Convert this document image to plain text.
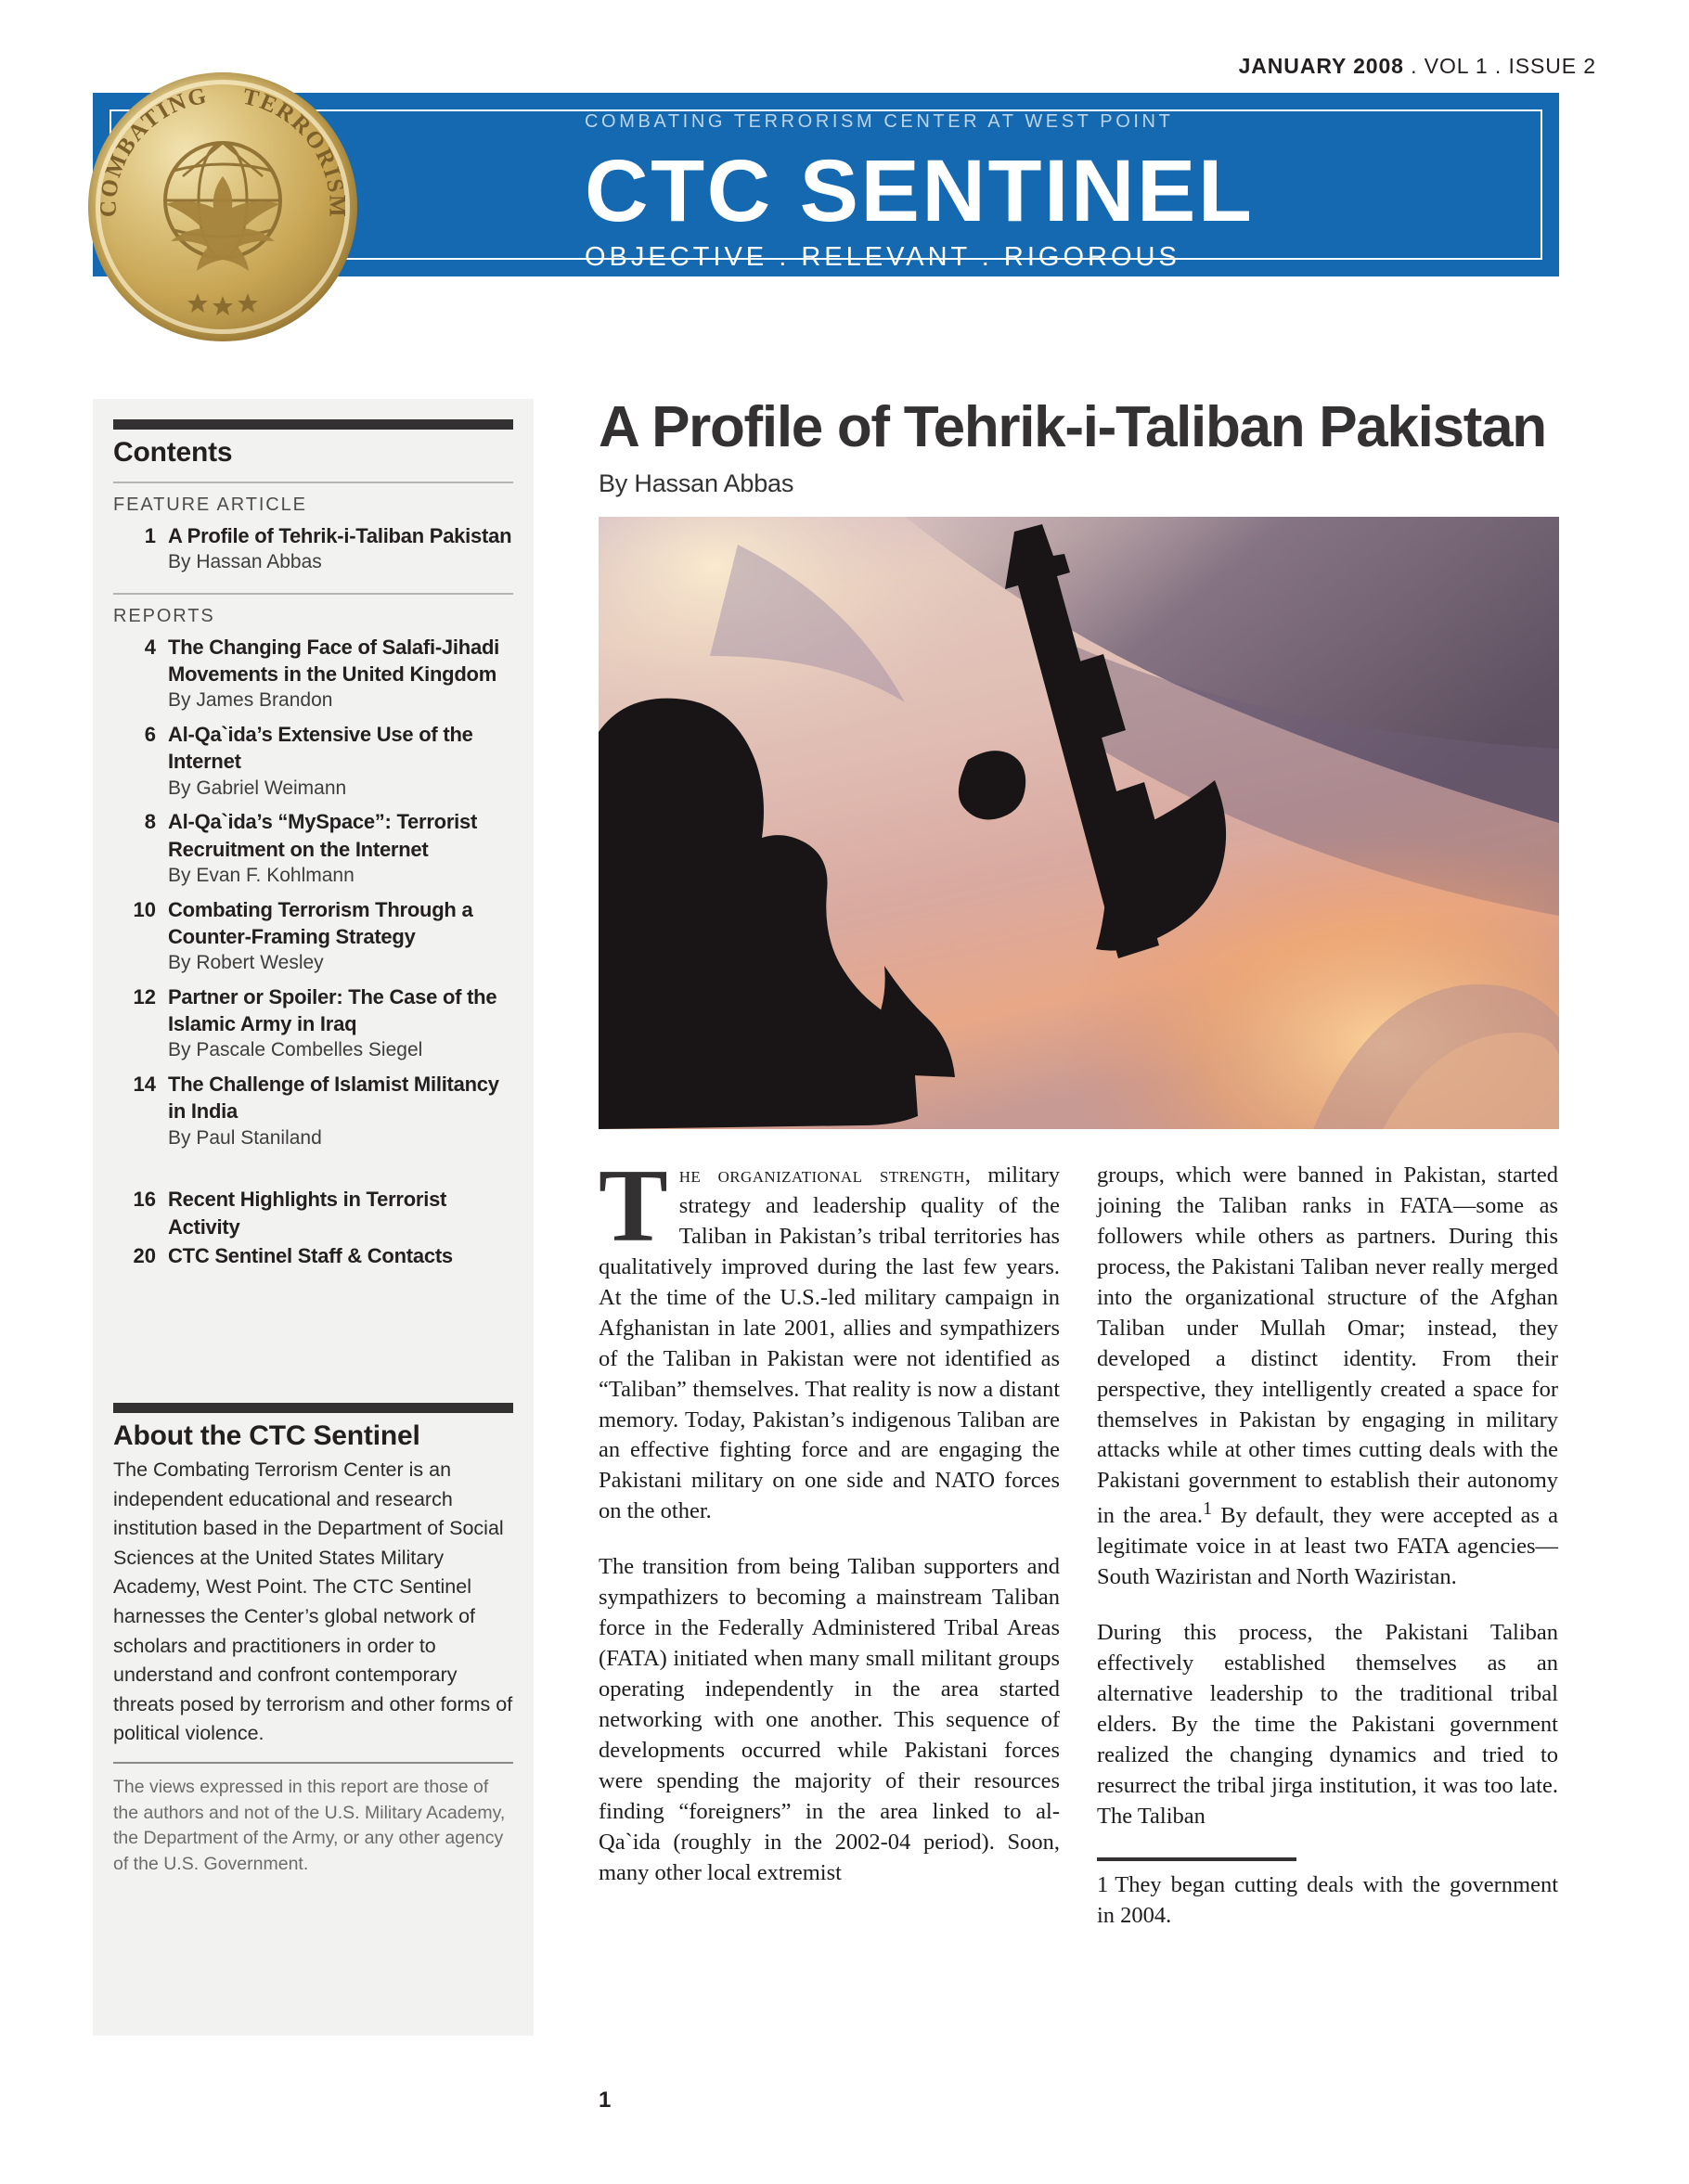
JANUARY 2008 . VOL 1 . ISSUE 2
COMBATING TERRORISM CENTER AT WEST POINT
CTC SENTINEL
OBJECTIVE . RELEVANT . RIGOROUS
COMBATING TERRORISM
Contents
FEATURE ARTICLE
1 A Profile of Tehrik-i-Taliban Pakistan
By Hassan Abbas
REPORTS
4 The Changing Face of Salafi-Jihadi Movements in the United Kingdom
By James Brandon
6 Al-Qa`ida’s Extensive Use of the Internet
By Gabriel Weimann
8 Al-Qa`ida’s “MySpace”: Terrorist Recruitment on the Internet
By Evan F. Kohlmann
10 Combating Terrorism Through a Counter-Framing Strategy
By Robert Wesley
12 Partner or Spoiler: The Case of the Islamic Army in Iraq
By Pascale Combelles Siegel
14 The Challenge of Islamist Militancy in India
By Paul Staniland
16 Recent Highlights in Terrorist Activity
20 CTC Sentinel Staff & Contacts
About the CTC Sentinel

The Combating Terrorism Center is an independent educational and research institution based in the Department of Social Sciences at the United States Military Academy, West Point. The CTC Sentinel harnesses the Center’s global network of scholars and practitioners in order to understand and confront contemporary threats posed by terrorism and other forms of political violence.

The views expressed in this report are those of the authors and not of the U.S. Military Academy, the Department of the Army, or any other agency of the U.S. Government.

A Profile of Tehrik-i-Taliban Pakistan
By Hassan Abbas

The organizational strength, military strategy and leadership quality of the Taliban in Pakistan’s tribal territories has qualitatively improved during the last few years. At the time of the U.S.-led military campaign in Afghanistan in late 2001, allies and sympathizers of the Taliban in Pakistan were not identified as “Taliban” themselves. That reality is now a distant memory. Today, Pakistan’s indigenous Taliban are an effective fighting force and are engaging the Pakistani military on one side and NATO forces on the other.

The transition from being Taliban supporters and sympathizers to becoming a mainstream Taliban force in the Federally Administered Tribal Areas (FATA) initiated when many small militant groups operating independently in the area started networking with one another. This sequence of developments occurred while Pakistani forces were spending the majority of their resources finding “foreigners” in the area linked to al-Qa`ida (roughly in the 2002-04 period). Soon, many other local extremist

groups, which were banned in Pakistan, started joining the Taliban ranks in FATA—some as followers while others as partners. During this process, the Pakistani Taliban never really merged into the organizational structure of the Afghan Taliban under Mullah Omar; instead, they developed a distinct identity. From their perspective, they intelligently created a space for themselves in Pakistan by engaging in military attacks while at other times cutting deals with the Pakistani government to establish their autonomy in the area.$^1$ By default, they were accepted as a legitimate voice in at least two FATA agencies—South Waziristan and North Waziristan.

During this process, the Pakistani Taliban effectively established themselves as an alternative leadership to the traditional tribal elders. By the time the Pakistani government realized the changing dynamics and tried to resurrect the tribal jirga institution, it was too late. The Taliban

1 They began cutting deals with the government in 2004.

1
